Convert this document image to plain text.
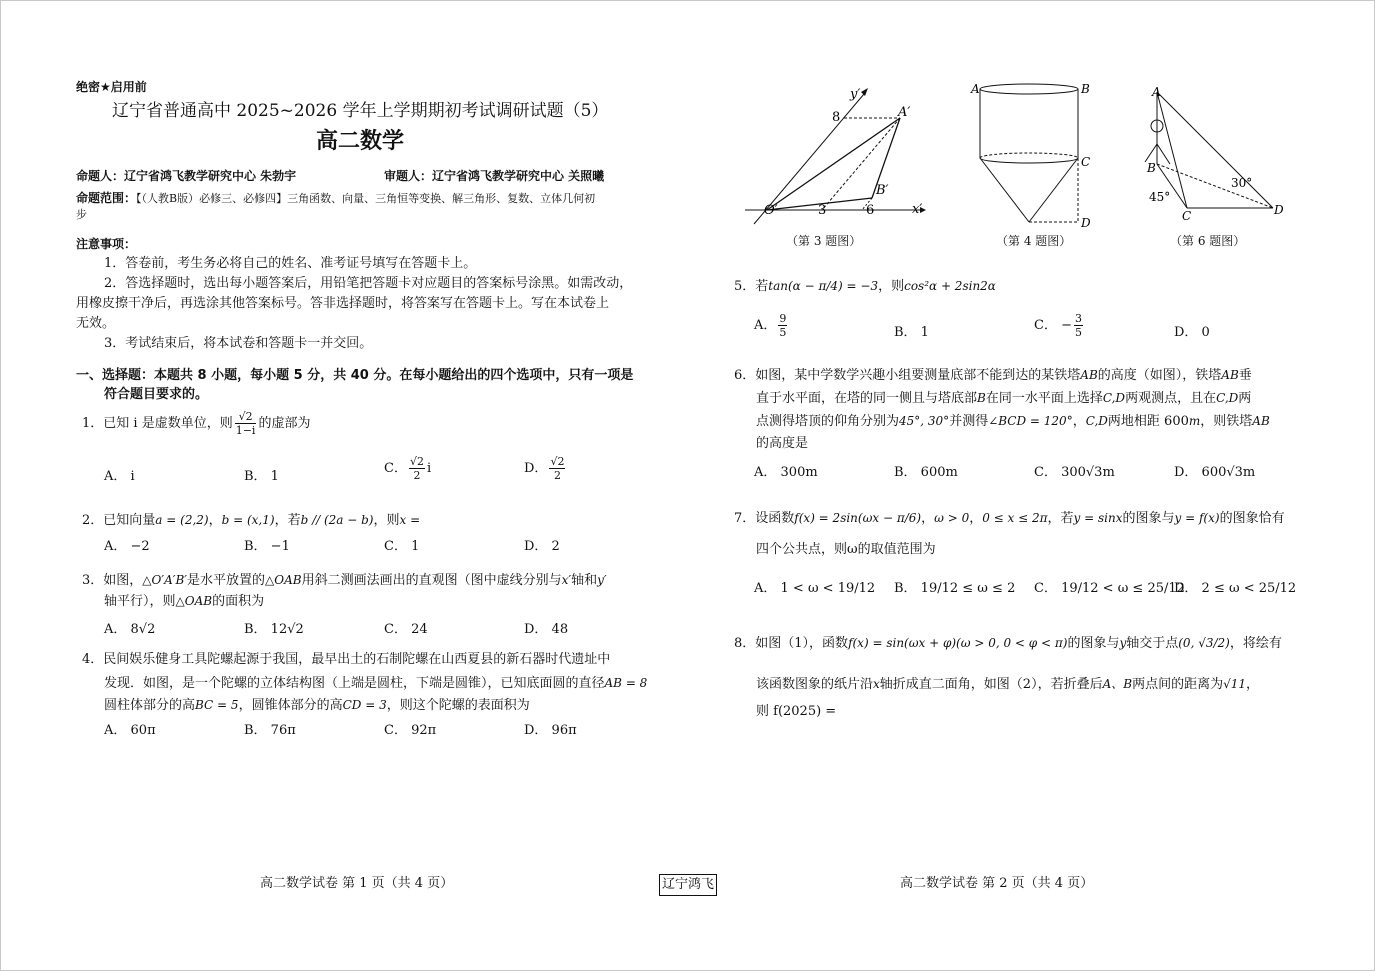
绝密★启用前
辽宁省普通高中 2025~2026 学年上学期期初考试调研试题（5）
高二数学
命题人：辽宁省鸿飞教学研究中心 朱勃宇	审题人：辽宁省鸿飞教学研究中心 关照曦
命题范围：【（人教B版）必修三、必修四】三角函数、向量、三角恒等变换、解三角形、复数、立体几何初
步
注意事项：
1．答卷前，考生务必将自己的姓名、准考证号填写在答题卡上。
2．答选择题时，选出每小题答案后，用铅笔把答题卡对应题目的答案标号涂黑。如需改动，
用橡皮擦干净后，再选涂其他答案标号。答非选择题时，将答案写在答题卡上。写在本试卷上
无效。
3．考试结束后，将本试卷和答题卡一并交回。
一、选择题：本题共 8 小题，每小题 5 分，共 40 分。在每小题给出的四个选项中，只有一项是
符合题目要求的。
1．已知 i 是虚数单位，则 $\frac{√2}{1-i}$ 的虚部为
A． i	B． 1
C． $\frac{√2}{2}$ i	D． $\frac{√2}{2}$
2．已知向量a = (2,2)，b = (x,1)，若b // (2a − b)，则x =
A． −2	B． −1	C． 1	D． 2
3．如图，△O′A′B′是水平放置的△OAB用斜二测画法画出的直观图（图中虚线分别与x′轴和y′
轴平行），则△OAB的面积为
A． 8√2	B． 12√2	C． 24	D． 48
4．民间娱乐健身工具陀螺起源于我国，最早出土的石制陀螺在山西夏县的新石器时代遗址中
发现．如图，是一个陀螺的立体结构图（上端是圆柱，下端是圆锥），已知底面圆的直径AB = 8
圆柱体部分的高BC = 5，圆锥体部分的高CD = 3，则这个陀螺的表面积为
A． 60π	B． 76π	C． 92π	D． 96π
y′
x′
O′
A′
B′
8
3	6
（第 3 题图）
A	B
C
D
（第 4 题图）
A
B
C	D
45°
30°
（第 6 题图）
5．若tan(α − π/4) = −3，则cos²α + 2sin2α
A． $\frac{9}{5}$	B． 1	C． − $\frac{3}{5}$	D． 0
6．如图，某中学数学兴趣小组要测量底部不能到达的某铁塔AB的高度（如图），铁塔AB垂
直于水平面，在塔的同一侧且与塔底部B在同一水平面上选择C,D两观测点，且在C,D两
点测得塔顶的仰角分别为45°, 30°并测得∠BCD = 120°，C,D两地相距 600m，则铁塔AB
的高度是
A． 300m	B． 600m	C． 300√3m	D． 600√3m
7．设函数f(x) = 2sin(ωx − π/6)，ω > 0，0 ≤ x ≤ 2π，若y = sinx的图象与y = f(x)的图象恰有
四个公共点，则ω的取值范围为
A． 1 < ω < 19/12 B． 19/12 ≤ ω ≤ 2 C． 19/12 < ω ≤ 25/12
D． 2 ≤ ω < 25/12
8．如图（1），函数f(x) = sin(ωx + φ)(ω > 0, 0 < φ < π)的图象与y轴交于点(0, √3/2)，将绘有
该函数图象的纸片沿x轴折成直二面角，如图（2），若折叠后A、B两点间的距离为√11，
则 f(2025) =
高二数学试卷 第 1 页（共 4 页）	辽宁鸿飞	高二数学试卷 第 2 页（共 4 页）
